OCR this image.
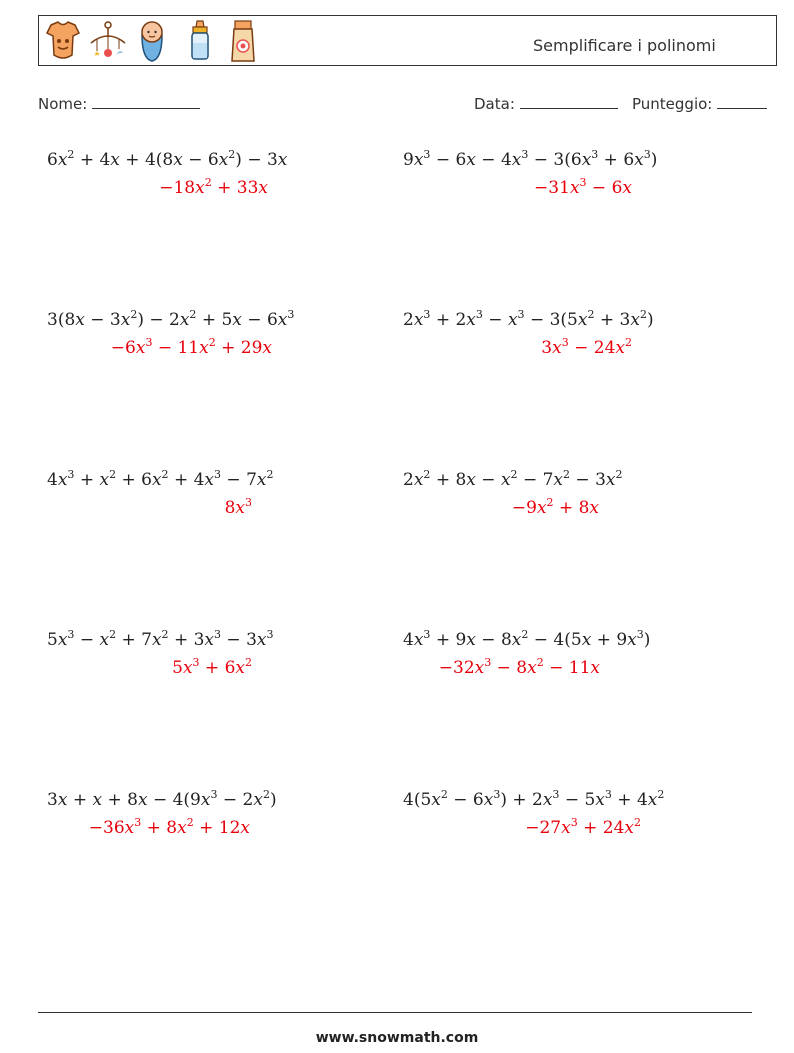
Semplificare i polinomi
Nome:	Data:	Punteggio:
$6x^2 + 4x + 4(8x - 6x^2) - 3x$
$-18x^2 + 33x$
$9x^3 - 6x - 4x^3 - 3(6x^3 + 6x^3)$
$-31x^3 - 6x$
$3(8x - 3x^2) - 2x^2 + 5x - 6x^3$
$-6x^3 - 11x^2 + 29x$
$2x^3 + 2x^3 - x^3 - 3(5x^2 + 3x^2)$
$3x^3 - 24x^2$
$4x^3 + x^2 + 6x^2 + 4x^3 - 7x^2$
$8x^3$
$2x^2 + 8x - x^2 - 7x^2 - 3x^2$
$-9x^2 + 8x$
$5x^3 - x^2 + 7x^2 + 3x^3 - 3x^3$
$5x^3 + 6x^2$
$4x^3 + 9x - 8x^2 - 4(5x + 9x^3)$
$-32x^3 - 8x^2 - 11x$
$3x + x + 8x - 4(9x^3 - 2x^2)$
$-36x^3 + 8x^2 + 12x$
$4(5x^2 - 6x^3) + 2x^3 - 5x^3 + 4x^2$
$-27x^3 + 24x^2$
www.snowmath.com
